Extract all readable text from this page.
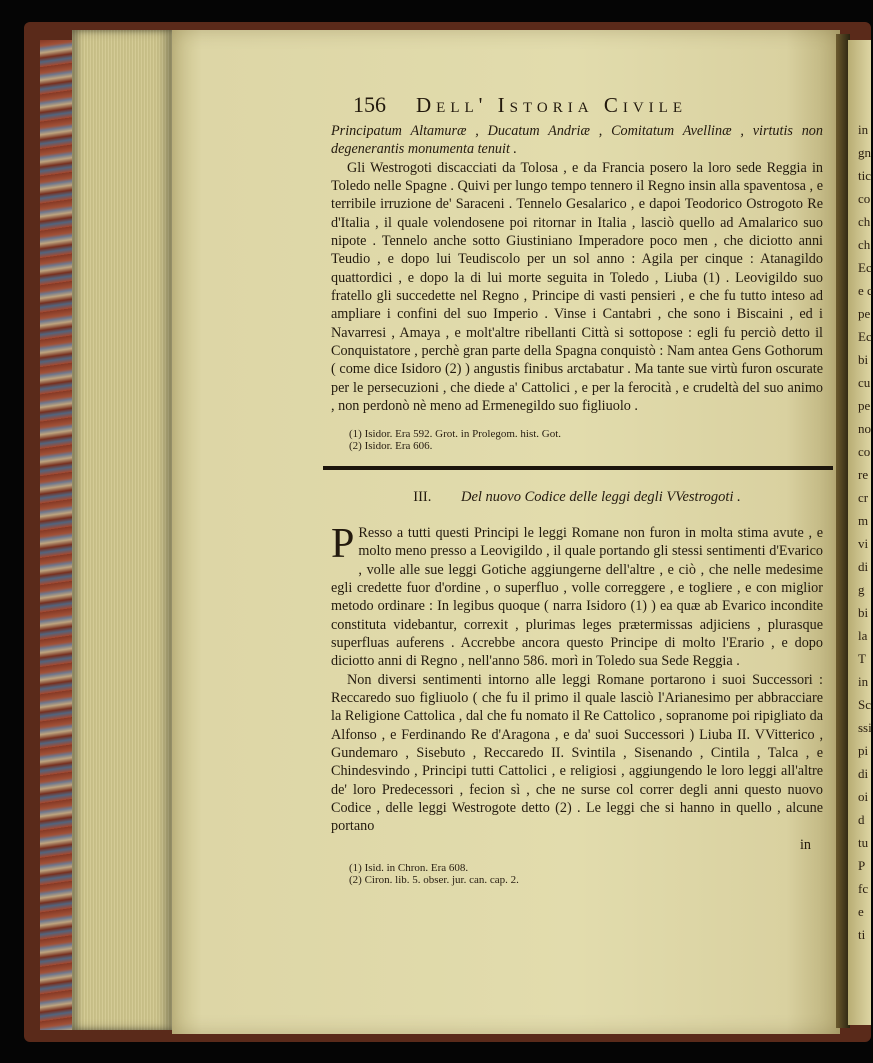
in
gn
tic
co
ch
ch
Ec
e c
pe
Ec
bi
cu
pe
no
co
re
cr
m
vi
di
g
bi
la
T
in
Sc
ssi
pi
di
oi
d
tu
P
fc
e
ti
156 Dell' Istoria Civile

Principatum Altamuræ , Ducatum Andriæ , Comitatum Avellinæ , virtutis non degenerantis monumenta tenuit .

Gli Westrogoti discacciati da Tolosa , e da Francia posero la loro sede Reggia in Toledo nelle Spagne . Quivi per lungo tempo tennero il Regno insin alla spaventosa , e terribile irruzione de' Saraceni . Tennelo Gesalarico , e dapoi Teodorico Ostrogoto Re d'Italia , il quale volendosene poi ritornar in Italia , lasciò quello ad Amalarico suo nipote . Tennelo anche sotto Giustiniano Imperadore poco men , che diciotto anni Teudio , e dopo lui Teudiscolo per un sol anno : Agila per cinque : Atanagildo quattordici , e dopo la di lui morte seguita in Toledo , Liuba (1) . Leovigildo suo fratello gli succedette nel Regno , Principe di vasti pensieri , e che fu tutto inteso ad ampliare i confini del suo Imperio . Vinse i Cantabri , che sono i Biscaini , ed i Navarresi , Amaya , e molt'altre ribellanti Città si sottopose : egli fu perciò detto il Conquistatore , perchè gran parte della Spagna conquistò : Nam antea Gens Gothorum ( come dice Isidoro (2) ) angustis finibus arctabatur . Ma tante sue virtù furon oscurate per le persecuzioni , che diede a' Cattolici , e per la ferocità , e crudeltà del suo animo , non perdonò nè meno ad Ermenegildo suo figliuolo .

(1) Isidor. Era 592. Grot. in Prolegom. hist. Got.
(2) Isidor. Era 606.
III. Del nuovo Codice delle leggi degli VVestrogoti .

P Resso a tutti questi Principi le leggi Romane non furon in molta stima avute , e molto meno presso a Leovigildo , il quale portando gli stessi sentimenti d'Evarico , volle alle sue leggi Gotiche aggiungerne dell'altre , e ciò , che nelle medesime egli credette fuor d'ordine , o superfluo , volle correggere , e togliere , e con miglior metodo ordinare : In legibus quoque ( narra Isidoro (1) ) ea quæ ab Evarico incondite constituta videbantur, correxit , plurimas leges prætermissas adjiciens , plurasque superfluas auferens . Accrebbe ancora questo Principe di molto l'Erario , e dopo diciotto anni di Regno , nell'anno 586. morì in Toledo sua Sede Reggia .

Non diversi sentimenti intorno alle leggi Romane portarono i suoi Successori : Reccaredo suo figliuolo ( che fu il primo il quale lasciò l'Arianesimo per abbracciare la Religione Cattolica , dal che fu nomato il Re Cattolico , sopranome poi ripigliato da Alfonso , e Ferdinando Re d'Aragona , e da' suoi Successori ) Liuba II. VVitterico , Gundemaro , Sisebuto , Reccaredo II. Svintila , Sisenando , Cintila , Talca , e Chindesvindo , Principi tutti Cattolici , e religiosi , aggiungendo le loro leggi all'altre de' loro Predecessori , fecion sì , che ne surse col correr degli anni questo nuovo Codice , delle leggi Westrogote detto (2) . Le leggi che si hanno in quello , alcune portano

in
(1) Isid. in Chron. Era 608.
(2) Ciron. lib. 5. obser. jur. can. cap. 2.
